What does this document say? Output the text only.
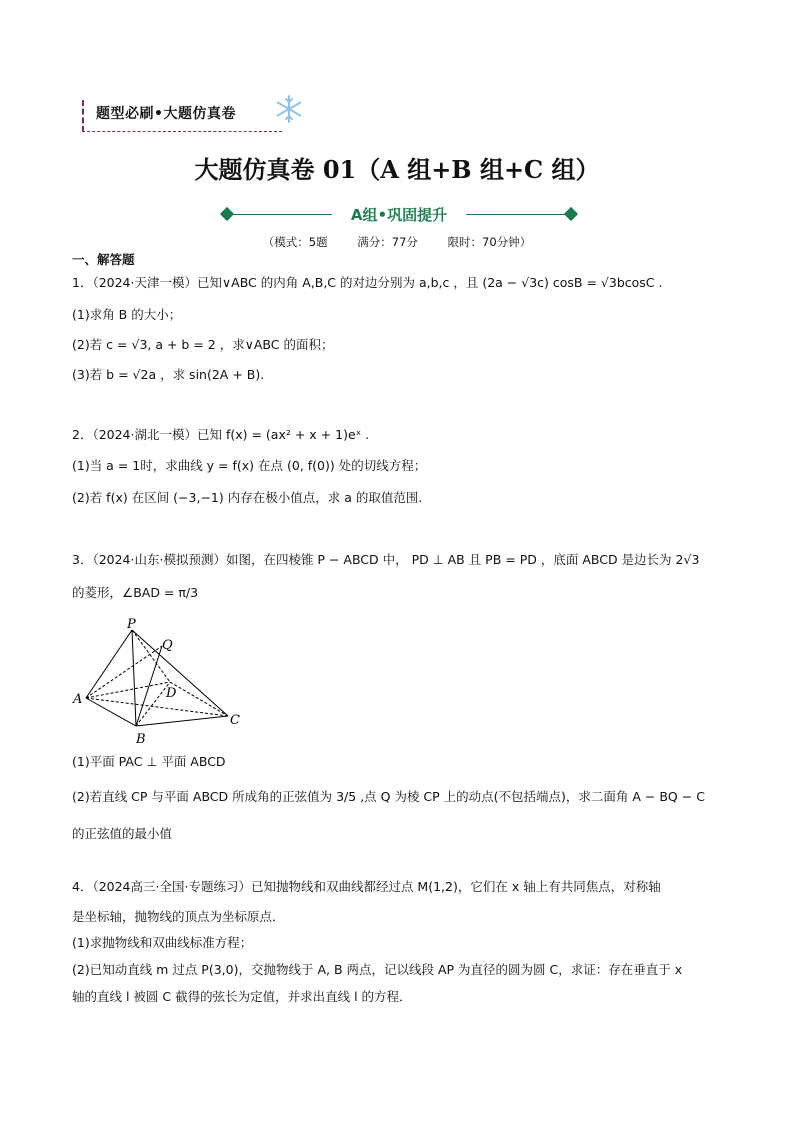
题型必刷•大题仿真卷
大题仿真卷 01（A 组+B 组+C 组）
A组•巩固提升
（模式：5题	满分：77分	限时：70分钟）
一、解答题
1．（2024·天津一模）已知∨ABC 的内角 A,B,C 的对边分别为 a,b,c ，且 (2a − √3c) cosB = √3bcosC .
(1)求角 B 的大小；
(2)若 c = √3, a + b = 2 ，求∨ABC 的面积；
(3)若 b = √2a ，求 sin(2A + B).
2．（2024·湖北一模）已知 f(x) = (ax² + x + 1)eˣ .
(1)当 a = 1时，求曲线 y = f(x) 在点 (0, f(0)) 处的切线方程；
(2)若 f(x) 在区间 (−3,−1) 内存在极小值点，求 a 的取值范围.
3．（2024·山东·模拟预测）如图，在四棱锥 P − ABCD 中， PD ⊥ AB 且 PB = PD ，底面 ABCD 是边长为 2√3
的菱形，∠BAD = π/3
P
Q
D
A
C
B
(1)平面 PAC ⊥ 平面 ABCD
(2)若直线 CP 与平面 ABCD 所成角的正弦值为 3/5 ,点 Q 为棱 CP 上的动点(不包括端点)，求二面角 A − BQ − C
的正弦值的最小值
4．（2024高三·全国·专题练习）已知抛物线和双曲线都经过点 M(1,2)，它们在 x 轴上有共同焦点，对称轴
是坐标轴，抛物线的顶点为坐标原点．
(1)求抛物线和双曲线标准方程；
(2)已知动直线 m 过点 P(3,0)，交抛物线于 A, B 两点，记以线段 AP 为直径的圆为圆 C，求证：存在垂直于 x
轴的直线 l 被圆 C 截得的弦长为定值，并求出直线 l 的方程．
